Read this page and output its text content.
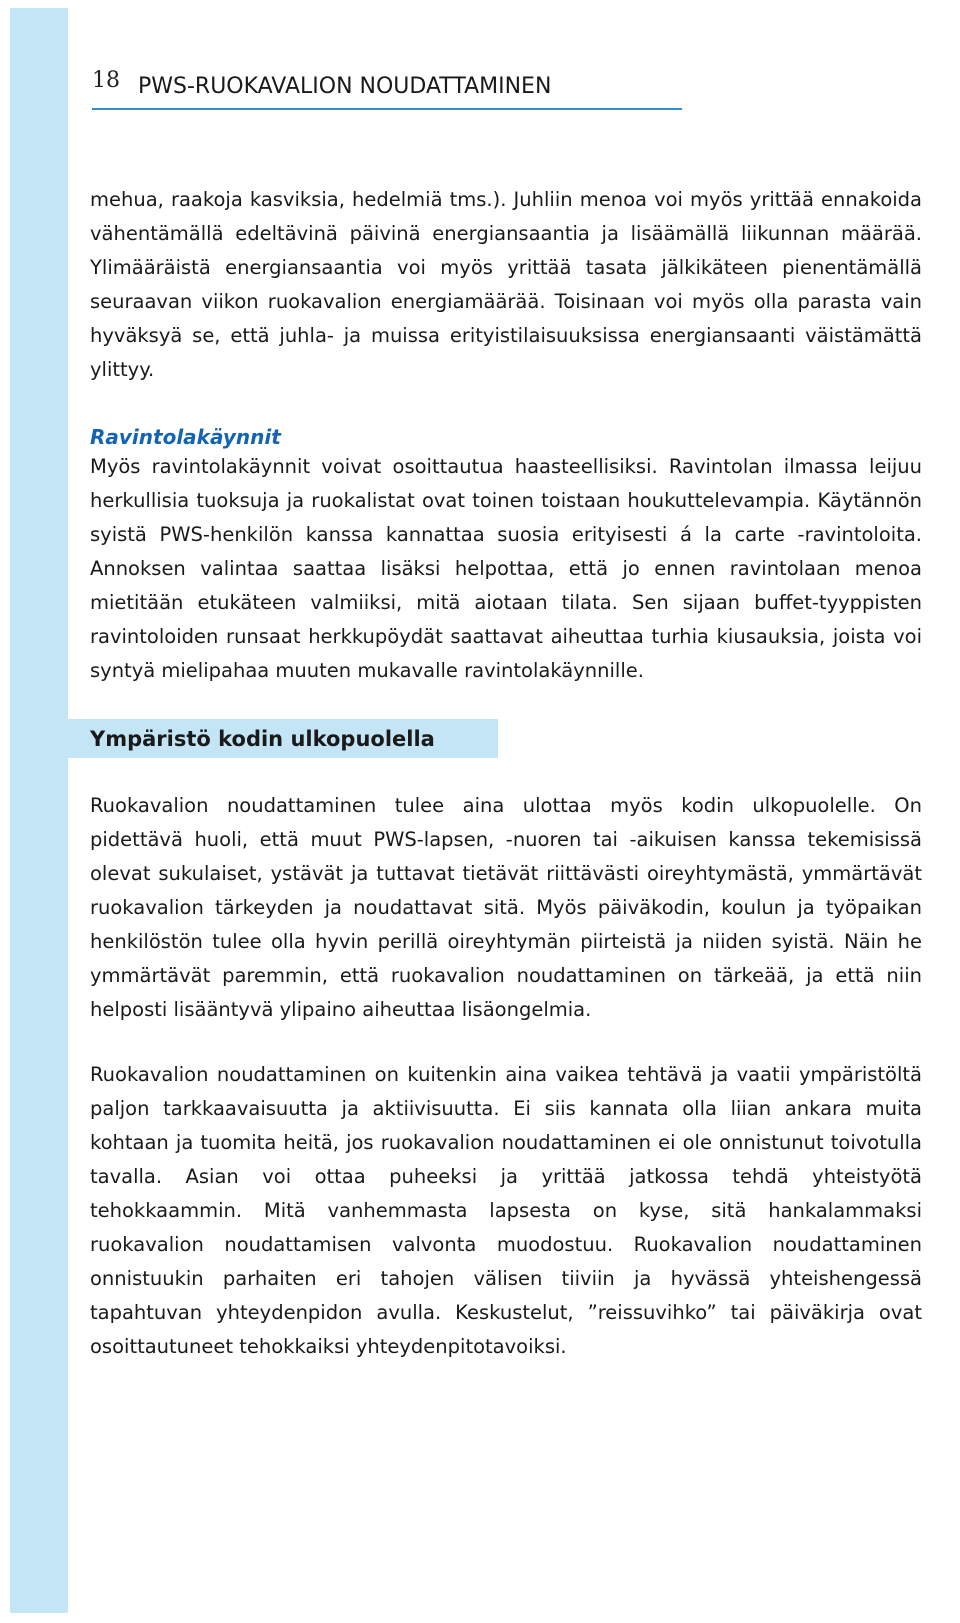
18 PWS-RUOKAVALION NOUDATTAMINEN

mehua, raakoja kasviksia, hedelmiä tms.). Juhliin menoa voi myös yrittää ennakoida vähentämällä edeltävinä päivinä energiansaantia ja lisäämällä liikunnan määrää. Ylimääräistä energiansaantia voi myös yrittää tasata jälkikäteen pienentämällä seuraavan viikon ruokavalion energiamäärää. Toisinaan voi myös olla parasta vain hyväksyä se, että juhla- ja muissa erityistilaisuuksissa energiansaanti väistämättä ylittyy.

Ravintolakäynnit

Myös ravintolakäynnit voivat osoittautua haasteellisiksi. Ravintolan ilmassa leijuu herkullisia tuoksuja ja ruokalistat ovat toinen toistaan houkuttelevampia. Käytännön syistä PWS-henkilön kanssa kannattaa suosia erityisesti á la carte -ravintoloita. Annoksen valintaa saattaa lisäksi helpottaa, että jo ennen ravintolaan menoa mietitään etukäteen valmiiksi, mitä aiotaan tilata. Sen sijaan buffet-tyyppisten ravintoloiden runsaat herkkupöydät saattavat aiheuttaa turhia kiusauksia, joista voi syntyä mielipahaa muuten mukavalle ravintolakäynnille.

Ympäristö kodin ulkopuolella

Ruokavalion noudattaminen tulee aina ulottaa myös kodin ulkopuolelle. On pidettävä huoli, että muut PWS-lapsen, -nuoren tai -aikuisen kanssa tekemisissä olevat sukulaiset, ystävät ja tuttavat tietävät riittävästi oireyhtymästä, ymmärtävät ruokavalion tärkeyden ja noudattavat sitä. Myös päiväkodin, koulun ja työpaikan henkilöstön tulee olla hyvin perillä oireyhtymän piirteistä ja niiden syistä. Näin he ymmärtävät paremmin, että ruokavalion noudattaminen on tärkeää, ja että niin helposti lisääntyvä ylipaino aiheuttaa lisäongelmia.

Ruokavalion noudattaminen on kuitenkin aina vaikea tehtävä ja vaatii ympäristöltä paljon tarkkaavaisuutta ja aktiivisuutta. Ei siis kannata olla liian ankara muita kohtaan ja tuomita heitä, jos ruokavalion noudattaminen ei ole onnistunut toivotulla tavalla. Asian voi ottaa puheeksi ja yrittää jatkossa tehdä yhteistyötä tehokkaammin. Mitä vanhemmasta lapsesta on kyse, sitä hankalammaksi ruokavalion noudattamisen valvonta muodostuu. Ruokavalion noudattaminen onnistuukin parhaiten eri tahojen välisen tiiviin ja hyvässä yhteishengessä tapahtuvan yhteydenpidon avulla. Keskustelut, ”reissuvihko” tai päiväkirja ovat osoittautuneet tehokkaiksi yhteydenpitotavoiksi.
